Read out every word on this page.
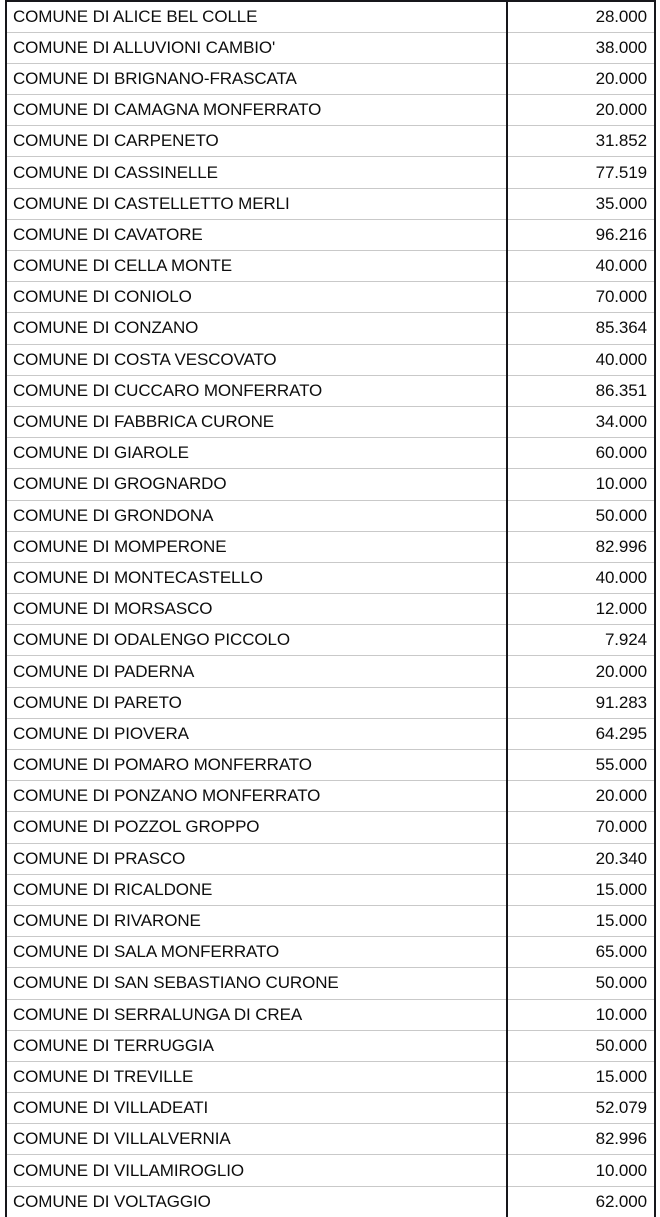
COMUNE DI ALICE BEL COLLE	28.000
COMUNE DI ALLUVIONI CAMBIO'	38.000
COMUNE DI BRIGNANO-FRASCATA	20.000
COMUNE DI CAMAGNA MONFERRATO	20.000
COMUNE DI CARPENETO	31.852
COMUNE DI CASSINELLE	77.519
COMUNE DI CASTELLETTO MERLI	35.000
COMUNE DI CAVATORE	96.216
COMUNE DI CELLA MONTE	40.000
COMUNE DI CONIOLO	70.000
COMUNE DI CONZANO	85.364
COMUNE DI COSTA VESCOVATO	40.000
COMUNE DI CUCCARO MONFERRATO	86.351
COMUNE DI FABBRICA CURONE	34.000
COMUNE DI GIAROLE	60.000
COMUNE DI GROGNARDO	10.000
COMUNE DI GRONDONA	50.000
COMUNE DI MOMPERONE	82.996
COMUNE DI MONTECASTELLO	40.000
COMUNE DI MORSASCO	12.000
COMUNE DI ODALENGO PICCOLO	7.924
COMUNE DI PADERNA	20.000
COMUNE DI PARETO	91.283
COMUNE DI PIOVERA	64.295
COMUNE DI POMARO MONFERRATO	55.000
COMUNE DI PONZANO MONFERRATO	20.000
COMUNE DI POZZOL GROPPO	70.000
COMUNE DI PRASCO	20.340
COMUNE DI RICALDONE	15.000
COMUNE DI RIVARONE	15.000
COMUNE DI SALA MONFERRATO	65.000
COMUNE DI SAN SEBASTIANO CURONE	50.000
COMUNE DI SERRALUNGA DI CREA	10.000
COMUNE DI TERRUGGIA	50.000
COMUNE DI TREVILLE	15.000
COMUNE DI VILLADEATI	52.079
COMUNE DI VILLALVERNIA	82.996
COMUNE DI VILLAMIROGLIO	10.000
COMUNE DI VOLTAGGIO	62.000
